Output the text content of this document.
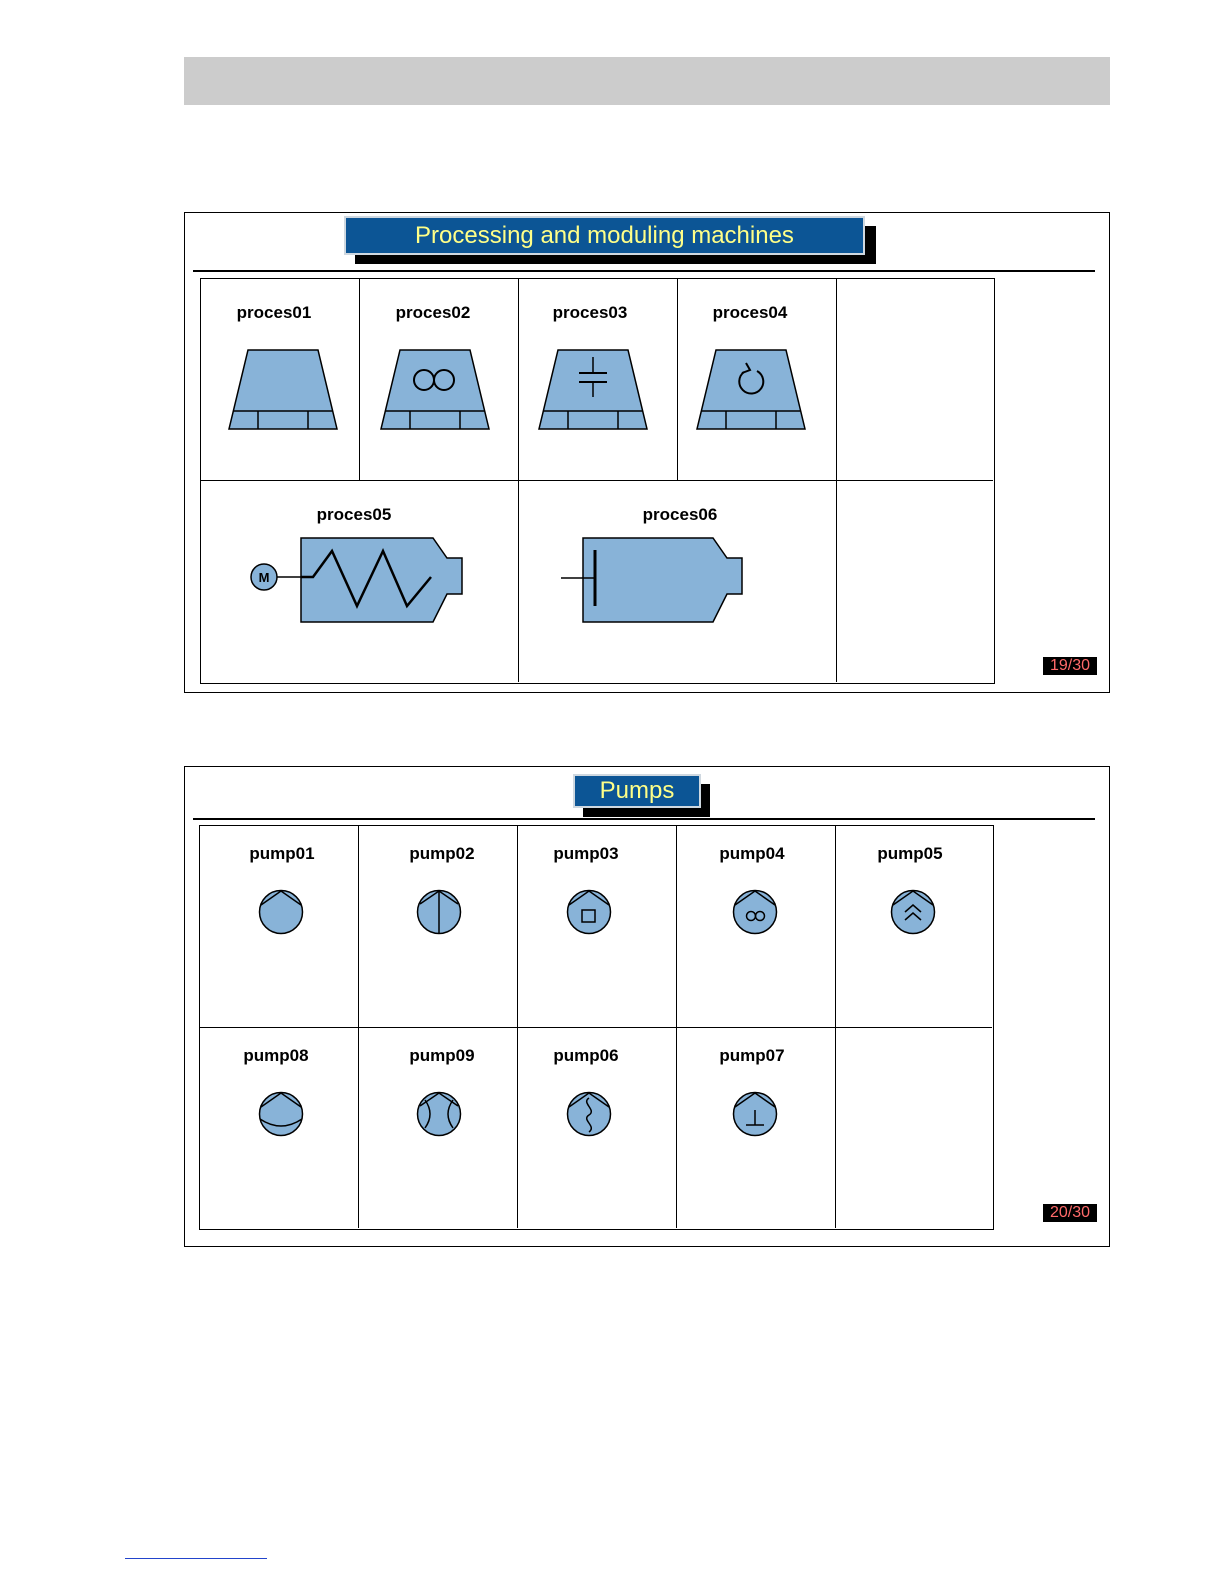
Processing and moduling machines
proces01	proces02	proces03	proces04
proces05	proces06
M
19/30
Pumps
pump01	pump02	pump03	pump04	pump05
pump08	pump09	pump06	pump07
20/30
